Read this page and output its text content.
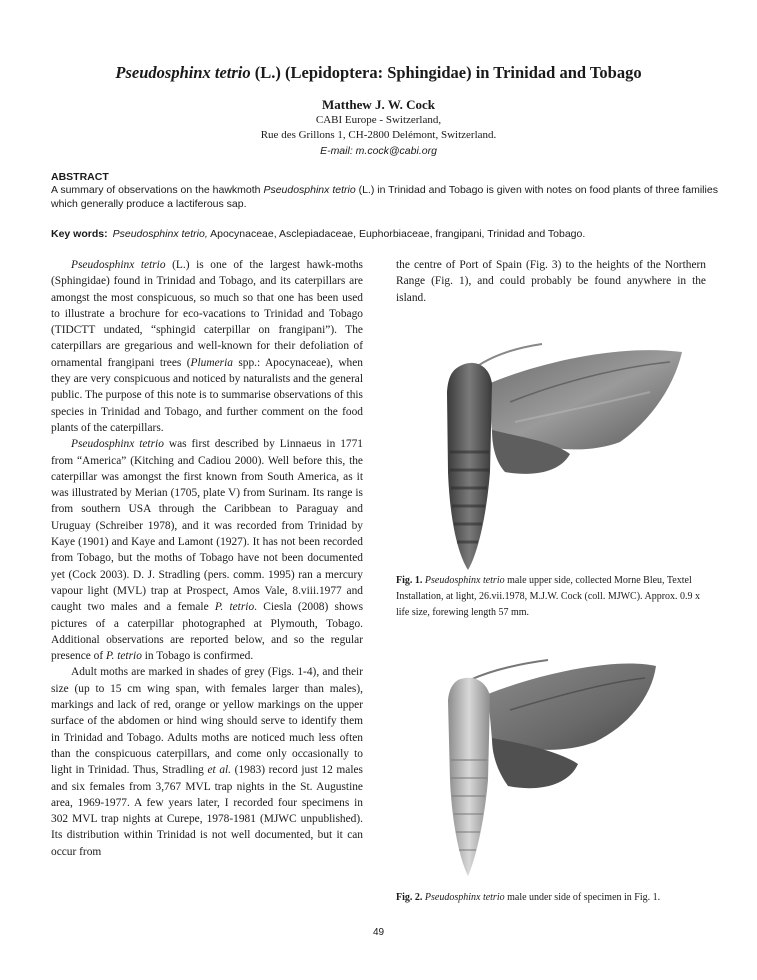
Pseudosphinx tetrio (L.) (Lepidoptera: Sphingidae) in Trinidad and Tobago
Matthew J. W. Cock
CABI Europe - Switzerland,
Rue des Grillons 1, CH-2800 Delémont, Switzerland.
E-mail: m.cock@cabi.org
ABSTRACT
A summary of observations on the hawkmoth Pseudosphinx tetrio (L.) in Trinidad and Tobago is given with notes on food plants of three families which generally produce a lactiferous sap.
Key words: Pseudosphinx tetrio, Apocynaceae, Asclepiadaceae, Euphorbiaceae, frangipani, Trinidad and Tobago.

Pseudosphinx tetrio (L.) is one of the largest hawk-moths (Sphingidae) found in Trinidad and Tobago, and its caterpillars are amongst the most conspicuous, so much so that one has been used to illustrate a brochure for eco-vacations to Trinidad and Tobago (TIDCTT undated, “sphingid caterpillar on frangipani”). The caterpillars are gregarious and well-known for their defoliation of ornamental frangipani trees (Plumeria spp.: Apocynaceae), when they are very conspicuous and noticed by naturalists and the general public. The purpose of this note is to summarise observations of this species in Trinidad and Tobago, and further comment on the food plants of the caterpillars.

Pseudosphinx tetrio was first described by Linnaeus in 1771 from “America” (Kitching and Cadiou 2000). Well before this, the caterpillar was amongst the first known from South America, as it was illustrated by Merian (1705, plate V) from Surinam. Its range is from southern USA through the Caribbean to Paraguay and Uruguay (Schreiber 1978), and it was recorded from Trinidad by Kaye (1901) and Kaye and Lamont (1927). It has not been recorded from Tobago, but the moths of Tobago have not been documented yet (Cock 2003). D. J. Stradling (pers. comm. 1995) ran a mercury vapour light (MVL) trap at Prospect, Amos Vale, 8.viii.1977 and caught two males and a female P. tetrio. Ciesla (2008) shows pictures of a caterpillar photographed at Plymouth, Tobago. Additional observations are reported below, and so the regular presence of P. tetrio in Tobago is confirmed.

Adult moths are marked in shades of grey (Figs. 1-4), and their size (up to 15 cm wing span, with females larger than males), markings and lack of red, orange or yellow markings on the upper surface of the abdomen or hind wing should serve to identify them in Trinidad and Tobago. Adults moths are noticed much less often than the conspicuous caterpillars, and come only occasionally to light in Trinidad. Thus, Stradling et al. (1983) record just 12 males and six females from 3,767 MVL trap nights in the St. Augustine area, 1969-1977. A few years later, I recorded four specimens in 302 MVL trap nights at Curepe, 1978-1981 (MJWC unpublished). Its distribution within Trinidad is not well documented, but it can occur from

the centre of Port of Spain (Fig. 3) to the heights of the Northern Range (Fig. 1), and could probably be found anywhere in the island.

Fig. 1. Pseudosphinx tetrio male upper side, collected Morne Bleu, Textel Installation, at light, 26.vii.1978, M.J.W. Cock (coll. MJWC). Approx. 0.9 x life size, forewing length 57 mm.
Fig. 2. Pseudosphinx tetrio male under side of specimen in Fig. 1.
49
